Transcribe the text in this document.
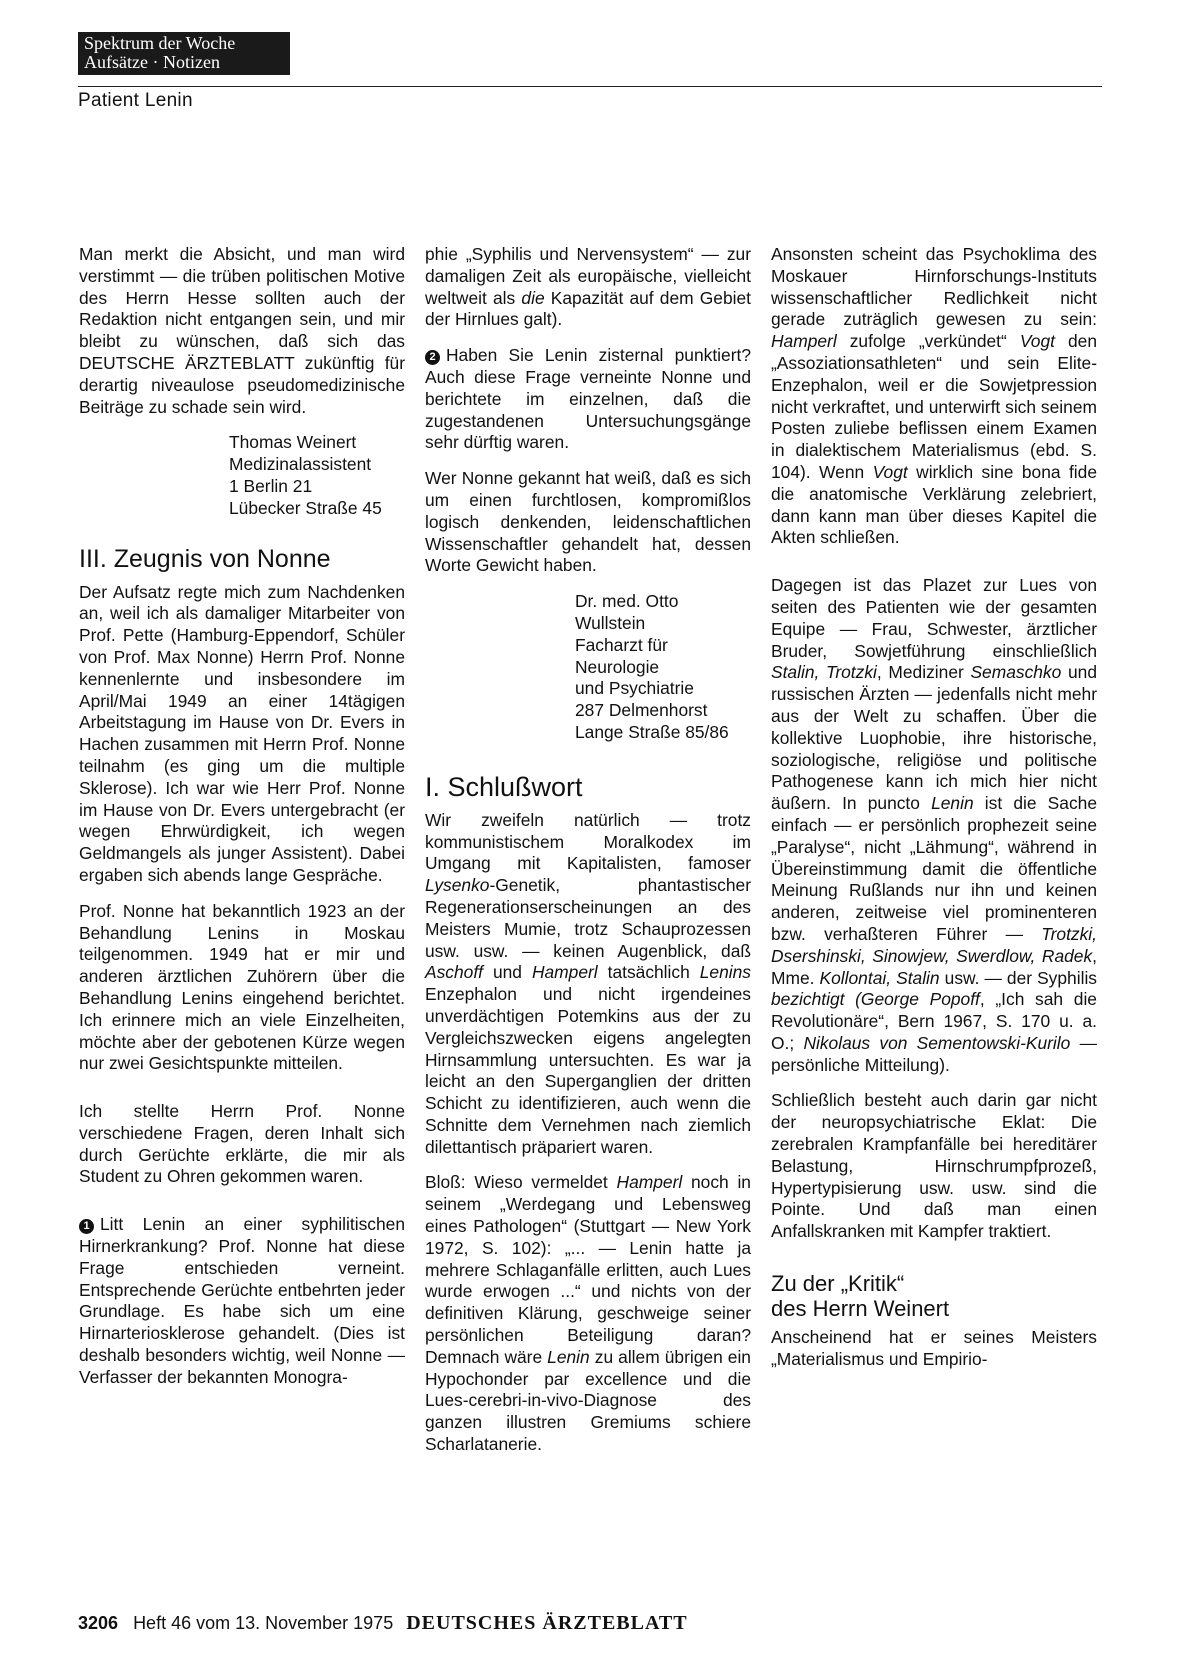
Spektrum der Woche
Aufsätze · Notizen
Patient Lenin

Man merkt die Absicht, und man wird verstimmt — die trüben politischen Motive des Herrn Hesse sollten auch der Redaktion nicht entgangen sein, und mir bleibt zu wünschen, daß sich das DEUTSCHE ÄRZTEBLATT zukünftig für derartig niveaulose pseudomedizinische Beiträge zu schade sein wird.

Thomas Weinert
Medizinalassistent
1 Berlin 21
Lübecker Straße 45
III. Zeugnis von Nonne

Der Aufsatz regte mich zum Nachdenken an, weil ich als damaliger Mitarbeiter von Prof. Pette (Hamburg-Eppendorf, Schüler von Prof. Max Nonne) Herrn Prof. Nonne kennenlernte und insbesondere im April/Mai 1949 an einer 14tägigen Arbeitstagung im Hause von Dr. Evers in Hachen zusammen mit Herrn Prof. Nonne teilnahm (es ging um die multiple Sklerose). Ich war wie Herr Prof. Nonne im Hause von Dr. Evers untergebracht (er wegen Ehrwürdigkeit, ich wegen Geldmangels als junger Assistent). Dabei ergaben sich abends lange Gespräche.

Prof. Nonne hat bekanntlich 1923 an der Behandlung Lenins in Moskau teilgenommen. 1949 hat er mir und anderen ärztlichen Zuhörern über die Behandlung Lenins eingehend berichtet. Ich erinnere mich an viele Einzelheiten, möchte aber der gebotenen Kürze wegen nur zwei Gesichtspunkte mitteilen.

Ich stellte Herrn Prof. Nonne verschiedene Fragen, deren Inhalt sich durch Gerüchte erklärte, die mir als Student zu Ohren gekommen waren.

1 Litt Lenin an einer syphilitischen Hirnerkrankung? Prof. Nonne hat diese Frage entschieden verneint. Entsprechende Gerüchte entbehrten jeder Grundlage. Es habe sich um eine Hirnarteriosklerose gehandelt. (Dies ist deshalb besonders wichtig, weil Nonne — Verfasser der bekannten Monogra-

phie „Syphilis und Nervensystem“ — zur damaligen Zeit als europäische, vielleicht weltweit als die Kapazität auf dem Gebiet der Hirnlues galt).

2 Haben Sie Lenin zisternal punktiert? Auch diese Frage verneinte Nonne und berichtete im einzelnen, daß die zugestandenen Untersuchungsgänge sehr dürftig waren.

Wer Nonne gekannt hat weiß, daß es sich um einen furchtlosen, kompromißlos logisch denkenden, leidenschaftlichen Wissenschaftler gehandelt hat, dessen Worte Gewicht haben.

Dr. med. Otto Wullstein
Facharzt für Neurologie
und Psychiatrie
287 Delmenhorst
Lange Straße 85/86
I. Schlußwort

Wir zweifeln natürlich — trotz kommunistischem Moralkodex im Umgang mit Kapitalisten, famoser Lysenko-Genetik, phantastischer Regenerationserscheinungen an des Meisters Mumie, trotz Schauprozessen usw. usw. — keinen Augenblick, daß Aschoff und Hamperl tatsächlich Lenins Enzephalon und nicht irgendeines unverdächtigen Potemkins aus der zu Vergleichszwecken eigens angelegten Hirnsammlung untersuchten. Es war ja leicht an den Superganglien der dritten Schicht zu identifizieren, auch wenn die Schnitte dem Vernehmen nach ziemlich dilettantisch präpariert waren.

Bloß: Wieso vermeldet Hamperl noch in seinem „Werdegang und Lebensweg eines Pathologen“ (Stuttgart — New York 1972, S. 102): „... — Lenin hatte ja mehrere Schlaganfälle erlitten, auch Lues wurde erwogen ...“ und nichts von der definitiven Klärung, geschweige seiner persönlichen Beteiligung daran? Demnach wäre Lenin zu allem übrigen ein Hypochonder par excellence und die Lues-cerebri-in-vivo-Diagnose des ganzen illustren Gremiums schiere Scharlatanerie.

Ansonsten scheint das Psychoklima des Moskauer Hirnforschungs-Instituts wissenschaftlicher Redlichkeit nicht gerade zuträglich gewesen zu sein: Hamperl zufolge „verkündet“ Vogt den „Assoziationsathleten“ und sein Elite-Enzephalon, weil er die Sowjetpression nicht verkraftet, und unterwirft sich seinem Posten zuliebe beflissen einem Examen in dialektischem Materialismus (ebd. S. 104). Wenn Vogt wirklich sine bona fide die anatomische Verklärung zelebriert, dann kann man über dieses Kapitel die Akten schließen.

Dagegen ist das Plazet zur Lues von seiten des Patienten wie der gesamten Equipe — Frau, Schwester, ärztlicher Bruder, Sowjetführung einschließlich Stalin, Trotzki, Mediziner Semaschko und russischen Ärzten — jedenfalls nicht mehr aus der Welt zu schaffen. Über die kollektive Luophobie, ihre historische, soziologische, religiöse und politische Pathogenese kann ich mich hier nicht äußern. In puncto Lenin ist die Sache einfach — er persönlich prophezeit seine „Paralyse“, nicht „Lähmung“, während in Übereinstimmung damit die öffentliche Meinung Rußlands nur ihn und keinen anderen, zeitweise viel prominenteren bzw. verhaßteren Führer — Trotzki, Dsershinski, Sinowjew, Swerdlow, Radek, Mme. Kollontai, Stalin usw. — der Syphilis bezichtigt (George Popoff, „Ich sah die Revolutionäre“, Bern 1967, S. 170 u. a. O.; Nikolaus von Sementowski-Kurilo — persönliche Mitteilung).

Schließlich besteht auch darin gar nicht der neuropsychiatrische Eklat: Die zerebralen Krampfanfälle bei hereditärer Belastung, Hirnschrumpfprozeß, Hypertypisierung usw. usw. sind die Pointe. Und daß man einen Anfallskranken mit Kampfer traktiert.

Zu der „Kritik“
des Herrn Weinert

Anscheinend hat er seines Meisters „Materialismus und Empirio-

3206 Heft 46 vom 13. November 1975 DEUTSCHES ÄRZTEBLATT
